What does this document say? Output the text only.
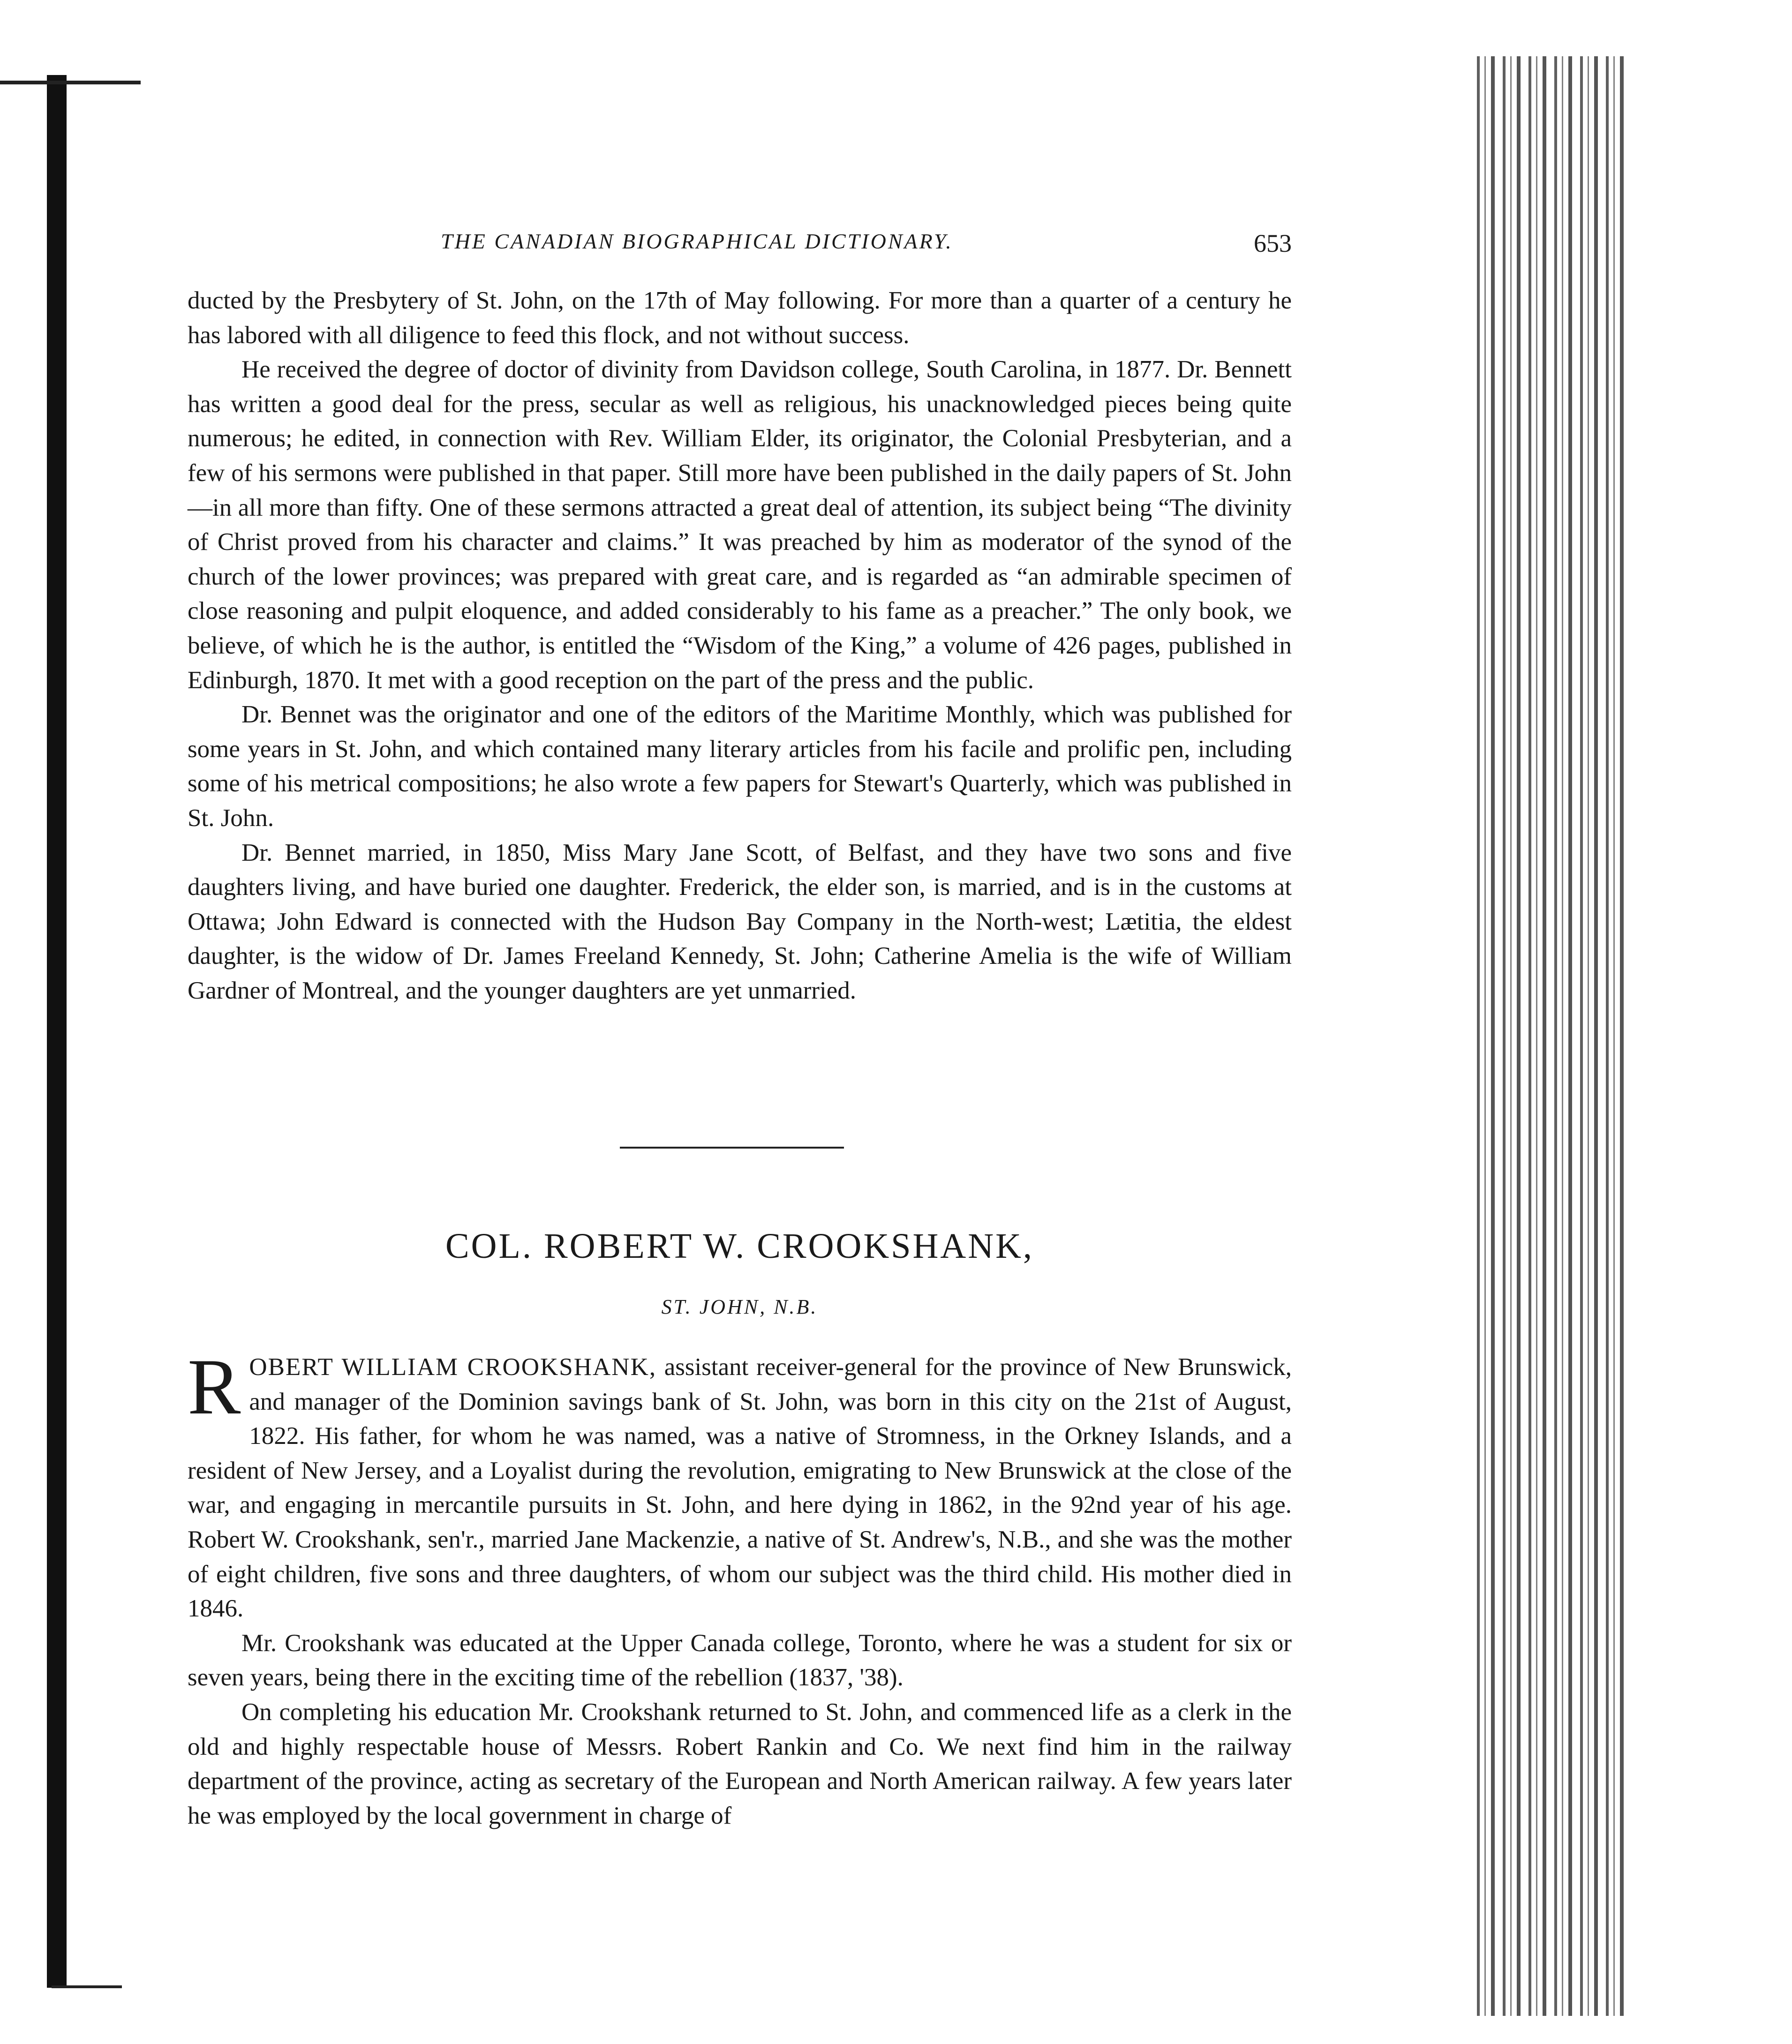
THE CANADIAN BIOGRAPHICAL DICTIONARY.	653

ducted by the Presbytery of St. John, on the 17th of May following. For more than a quarter of a century he has labored with all diligence to feed this flock, and not without success.

He received the degree of doctor of divinity from Davidson college, South Carolina, in 1877. Dr. Bennett has written a good deal for the press, secular as well as religious, his unacknowledged pieces being quite numerous; he edited, in connection with Rev. William Elder, its originator, the Colonial Presbyterian, and a few of his sermons were published in that paper. Still more have been published in the daily papers of St. John—in all more than fifty. One of these sermons attracted a great deal of attention, its subject being “The divinity of Christ proved from his character and claims.” It was preached by him as moderator of the synod of the church of the lower provinces; was prepared with great care, and is regarded as “an admirable specimen of close reasoning and pulpit eloquence, and added considerably to his fame as a preacher.” The only book, we believe, of which he is the author, is entitled the “Wisdom of the King,” a volume of 426 pages, published in Edinburgh, 1870. It met with a good reception on the part of the press and the public.

Dr. Bennet was the originator and one of the editors of the Maritime Monthly, which was published for some years in St. John, and which contained many literary articles from his facile and prolific pen, including some of his metrical compositions; he also wrote a few papers for Stewart's Quarterly, which was published in St. John.

Dr. Bennet married, in 1850, Miss Mary Jane Scott, of Belfast, and they have two sons and five daughters living, and have buried one daughter. Frederick, the elder son, is married, and is in the customs at Ottawa; John Edward is connected with the Hudson Bay Company in the North-west; Lætitia, the eldest daughter, is the widow of Dr. James Freeland Kennedy, St. John; Catherine Amelia is the wife of William Gardner of Montreal, and the younger daughters are yet unmarried.

COL. ROBERT W. CROOKSHANK,
ST. JOHN, N.B.

ROBERT WILLIAM CROOKSHANK, assistant receiver-general for the province of New Brunswick, and manager of the Dominion savings bank of St. John, was born in this city on the 21st of August, 1822. His father, for whom he was named, was a native of Stromness, in the Orkney Islands, and a resident of New Jersey, and a Loyalist during the revolution, emigrating to New Brunswick at the close of the war, and engaging in mercantile pursuits in St. John, and here dying in 1862, in the 92nd year of his age. Robert W. Crookshank, sen'r., married Jane Mackenzie, a native of St. Andrew's, N.B., and she was the mother of eight children, five sons and three daughters, of whom our subject was the third child. His mother died in 1846.

Mr. Crookshank was educated at the Upper Canada college, Toronto, where he was a student for six or seven years, being there in the exciting time of the rebellion (1837, '38).

On completing his education Mr. Crookshank returned to St. John, and commenced life as a clerk in the old and highly respectable house of Messrs. Robert Rankin and Co. We next find him in the railway department of the province, acting as secretary of the European and North American railway. A few years later he was employed by the local government in charge of
